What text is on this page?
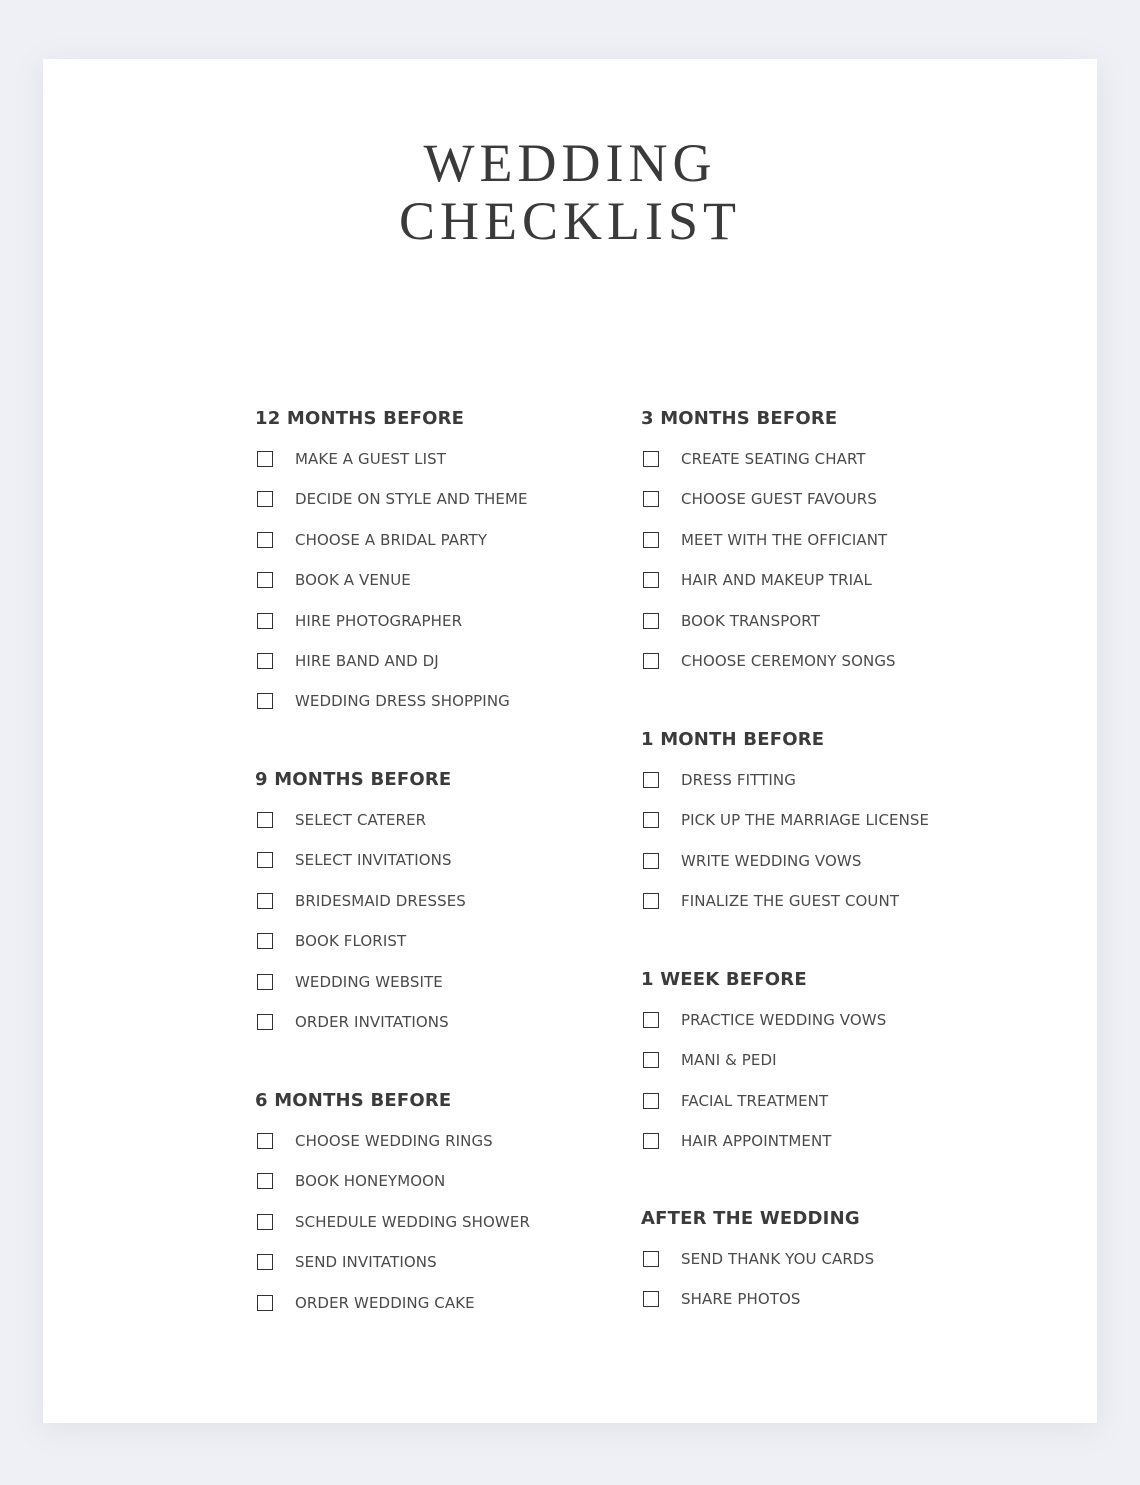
WEDDING
CHECKLIST
12 MONTHS BEFORE
MAKE A GUEST LIST
DECIDE ON STYLE AND THEME
CHOOSE A BRIDAL PARTY
BOOK A VENUE
HIRE PHOTOGRAPHER
HIRE BAND AND DJ
WEDDING DRESS SHOPPING
9 MONTHS BEFORE
SELECT CATERER
SELECT INVITATIONS
BRIDESMAID DRESSES
BOOK FLORIST
WEDDING WEBSITE
ORDER INVITATIONS
6 MONTHS BEFORE
CHOOSE WEDDING RINGS
BOOK HONEYMOON
SCHEDULE WEDDING SHOWER
SEND INVITATIONS
ORDER WEDDING CAKE
3 MONTHS BEFORE
CREATE SEATING CHART
CHOOSE GUEST FAVOURS
MEET WITH THE OFFICIANT
HAIR AND MAKEUP TRIAL
BOOK TRANSPORT
CHOOSE CEREMONY SONGS
1 MONTH BEFORE
DRESS FITTING
PICK UP THE MARRIAGE LICENSE
WRITE WEDDING VOWS
FINALIZE THE GUEST COUNT
1 WEEK BEFORE
PRACTICE WEDDING VOWS
MANI & PEDI
FACIAL TREATMENT
HAIR APPOINTMENT
AFTER THE WEDDING
SEND THANK YOU CARDS
SHARE PHOTOS
